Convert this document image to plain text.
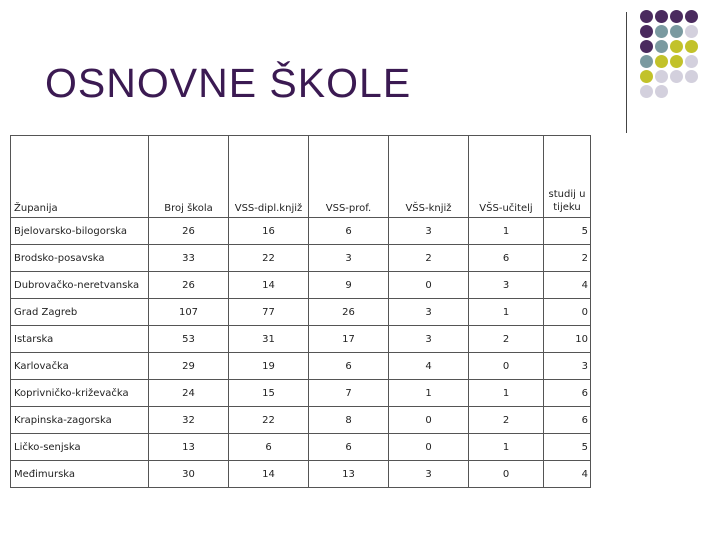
OSNOVNE ŠKOLE
Županija	Broj škola	VSS-dipl.knjiž	VSS-prof.	VŠS-knjiž	VŠS-učitelj	studij u tijeku
Bjelovarsko-bilogorska	26	16	6	3	1	5
Brodsko-posavska	33	22	3	2	6	2
Dubrovačko-neretvanska	26	14	9	0	3	4
Grad Zagreb	107	77	26	3	1	0
Istarska	53	31	17	3	2	10
Karlovačka	29	19	6	4	0	3
Koprivničko-križevačka	24	15	7	1	1	6
Krapinska-zagorska	32	22	8	0	2	6
Ličko-senjska	13	6	6	0	1	5
Međimurska	30	14	13	3	0	4
